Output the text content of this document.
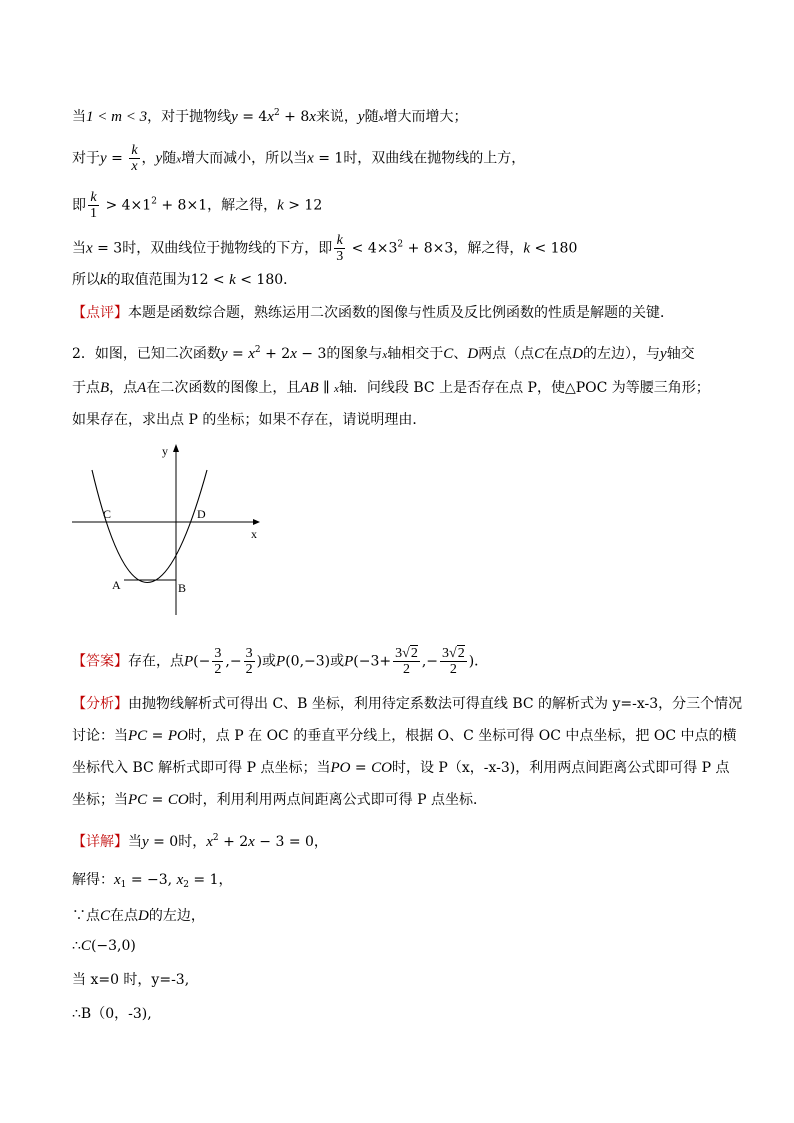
当1 < m < 3，对于抛物线$y = 4x^2 + 8x$来说，y随x增大而增大；
对于$y = \frac{k}{x}$ ，y随x增大而减小，所以当x = 1时，双曲线在抛物线的上方，
即 $\frac{k}{1} > 4\times 1^2 + 8\times 1$，解之得，k > 12
当x = 3时，双曲线位于抛物线的下方，即 $\frac{k}{3} < 4\times 3^2 + 8\times 3$，解之得，k < 180
所以k的取值范围为12 < k < 180．
【点评】本题是函数综合题，熟练运用二次函数的图像与性质及反比例函数的性质是解题的关键．
2．如图，已知二次函数$y = x^2 + 2x - 3$的图象与x轴相交于C、D两点（点C在点D的左边），与y轴交
于点B，点A在二次函数的图像上，且AB ∥ x轴．问线段 BC 上是否存在点 P，使△POC 为等腰三角形；
如果存在，求出点 P 的坐标；如果不存在，请说明理由．
y
x
C	D
A	B
【答案】存在，点$P(- \frac{3}{2}$ ,− $\frac{3}{2}$ )或P(0,−3)或$P(-3+ \frac{3√2}{2}$ ,− $\frac{3√2}{2}$ )．
【分析】由抛物线解析式可得出 C、B 坐标，利用待定系数法可得直线 BC 的解析式为 y=-x-3，分三个情况
讨论：当PC = PO时，点 P 在 OC 的垂直平分线上，根据 O、C 坐标可得 OC 中点坐标，把 OC 中点的横
坐标代入 BC 解析式即可得 P 点坐标；当PO = CO时，设 P（x，-x-3)，利用两点间距离公式即可得 P 点
坐标；当PC = CO时，利用利用两点间距离公式即可得 P 点坐标．
【详解】当y = 0时，$x^2 + 2x - 3 = 0$，
解得：$x_1 = -3$, $x_2 = 1$，
∵点C在点D的左边，
∴C(−3,0)
当 x=0 时，y=-3,
∴B（0，-3),
